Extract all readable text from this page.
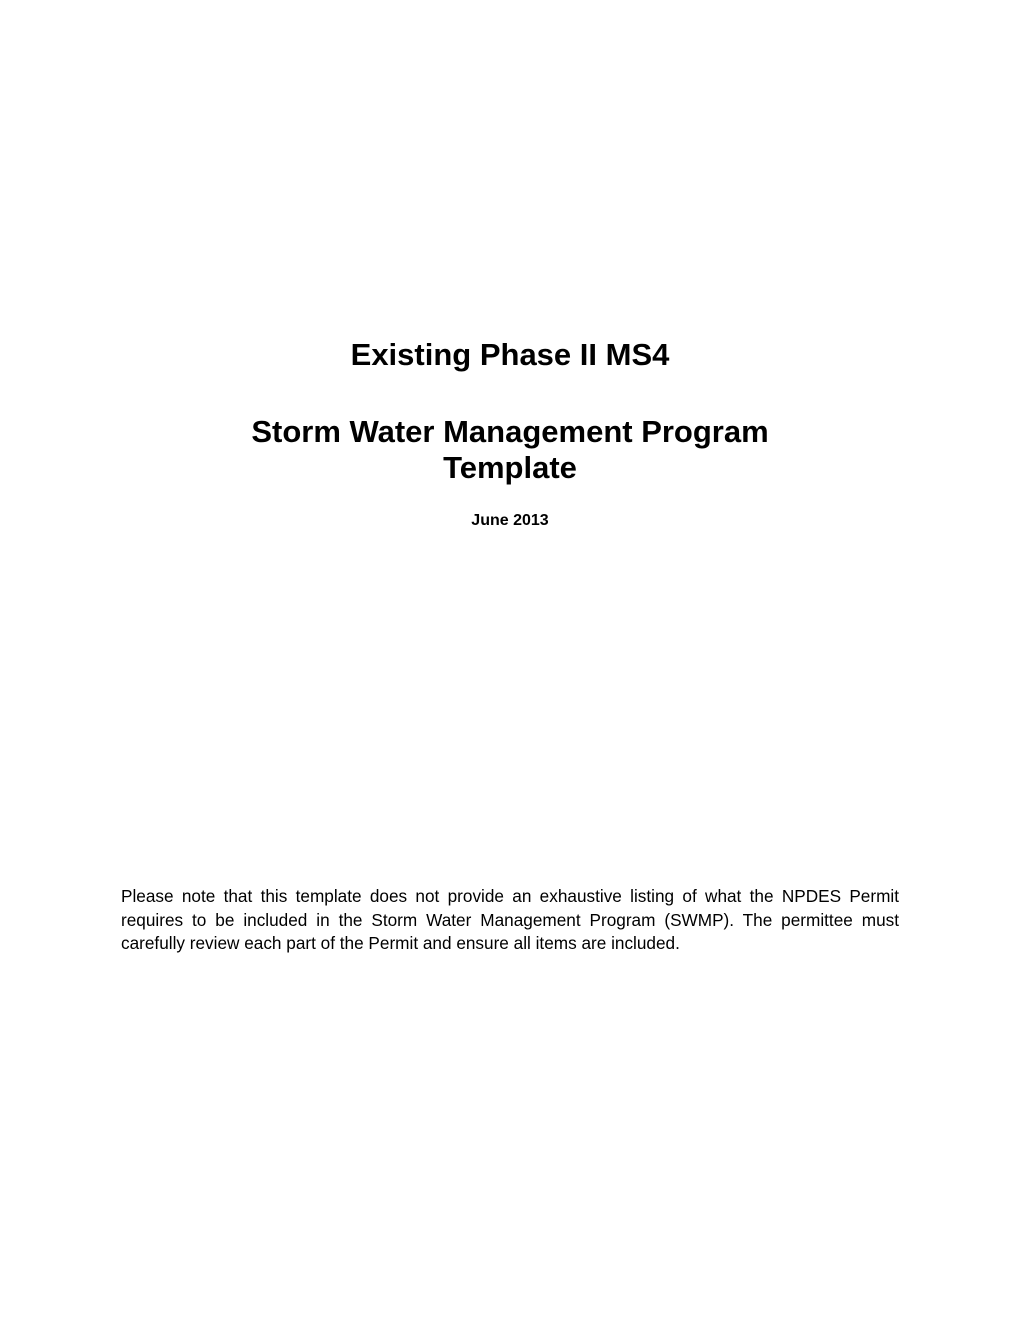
Existing Phase II MS4
Storm Water Management Program
Template
June 2013

Please note that this template does not provide an exhaustive listing of what the NPDES Permit requires to be included in the Storm Water Management Program (SWMP). The permittee must carefully review each part of the Permit and ensure all items are included.
